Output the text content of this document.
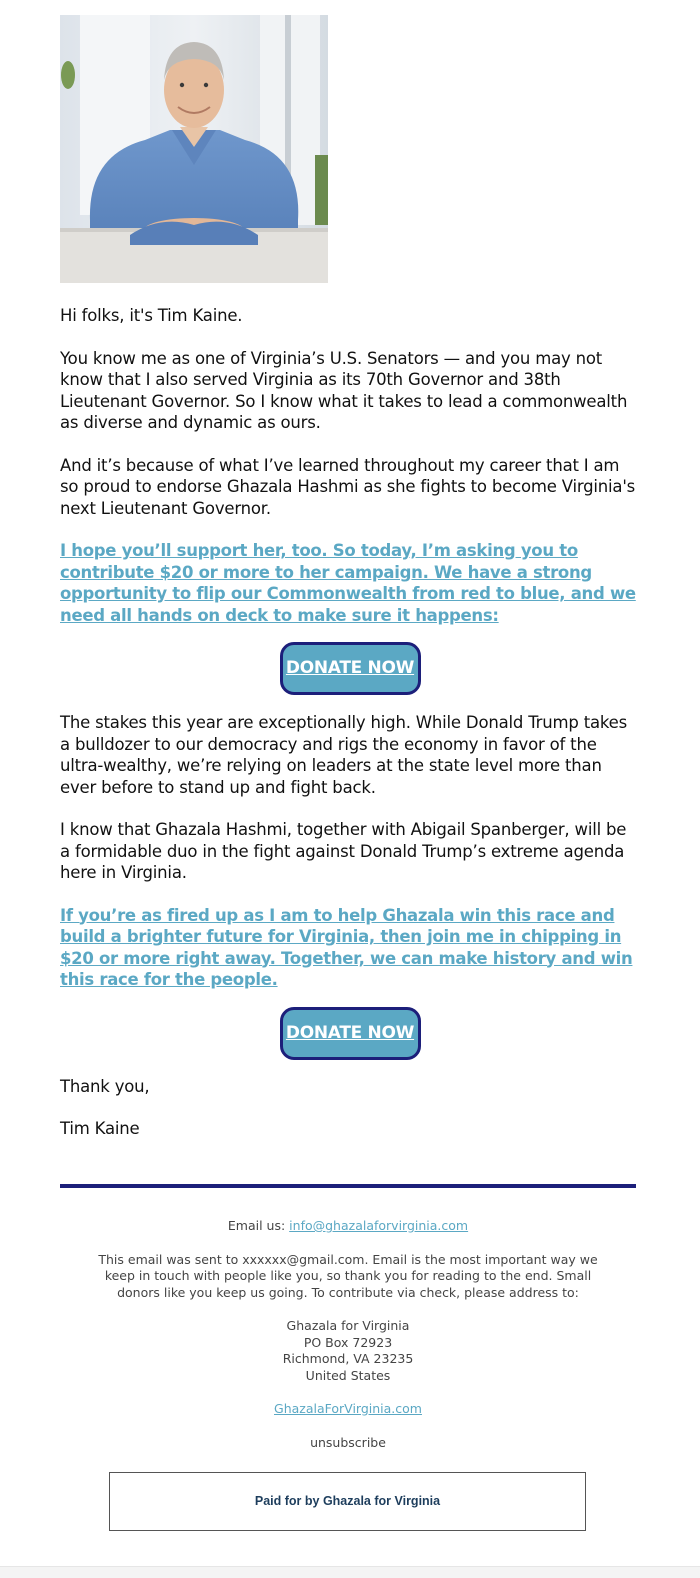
Hi folks, it's Tim Kaine.

You know me as one of Virginia’s U.S. Senators — and you may not know that I also served Virginia as its 70th Governor and 38th Lieutenant Governor. So I know what it takes to lead a commonwealth as diverse and dynamic as ours.

And it’s because of what I’ve learned throughout my career that I am so proud to endorse Ghazala Hashmi as she fights to become Virginia's next Lieutenant Governor.

I hope you’ll support her, too. So today, I’m asking you to contribute $20 or more to her campaign. We have a strong opportunity to flip our Commonwealth from red to blue, and we need all hands on deck to make sure it happens:

DONATE NOW

The stakes this year are exceptionally high. While Donald Trump takes a bulldozer to our democracy and rigs the economy in favor of the ultra-wealthy, we’re relying on leaders at the state level more than ever before to stand up and fight back.

I know that Ghazala Hashmi, together with Abigail Spanberger, will be a formidable duo in the fight against Donald Trump’s extreme agenda here in Virginia.

If you’re as fired up as I am to help Ghazala win this race and build a brighter future for Virginia, then join me in chipping in $20 or more right away. Together, we can make history and win this race for the people.

DONATE NOW

Thank you,

Tim Kaine

Email us: info@ghazalaforvirginia.com
This email was sent to xxxxxx@gmail.com. Email is the most important way we keep in touch with people like you, so thank you for reading to the end. Small donors like you keep us going. To contribute via check, please address to:
Ghazala for Virginia
PO Box 72923
Richmond, VA 23235
United States
GhazalaForVirginia.com
unsubscribe
Paid for by Ghazala for Virginia
